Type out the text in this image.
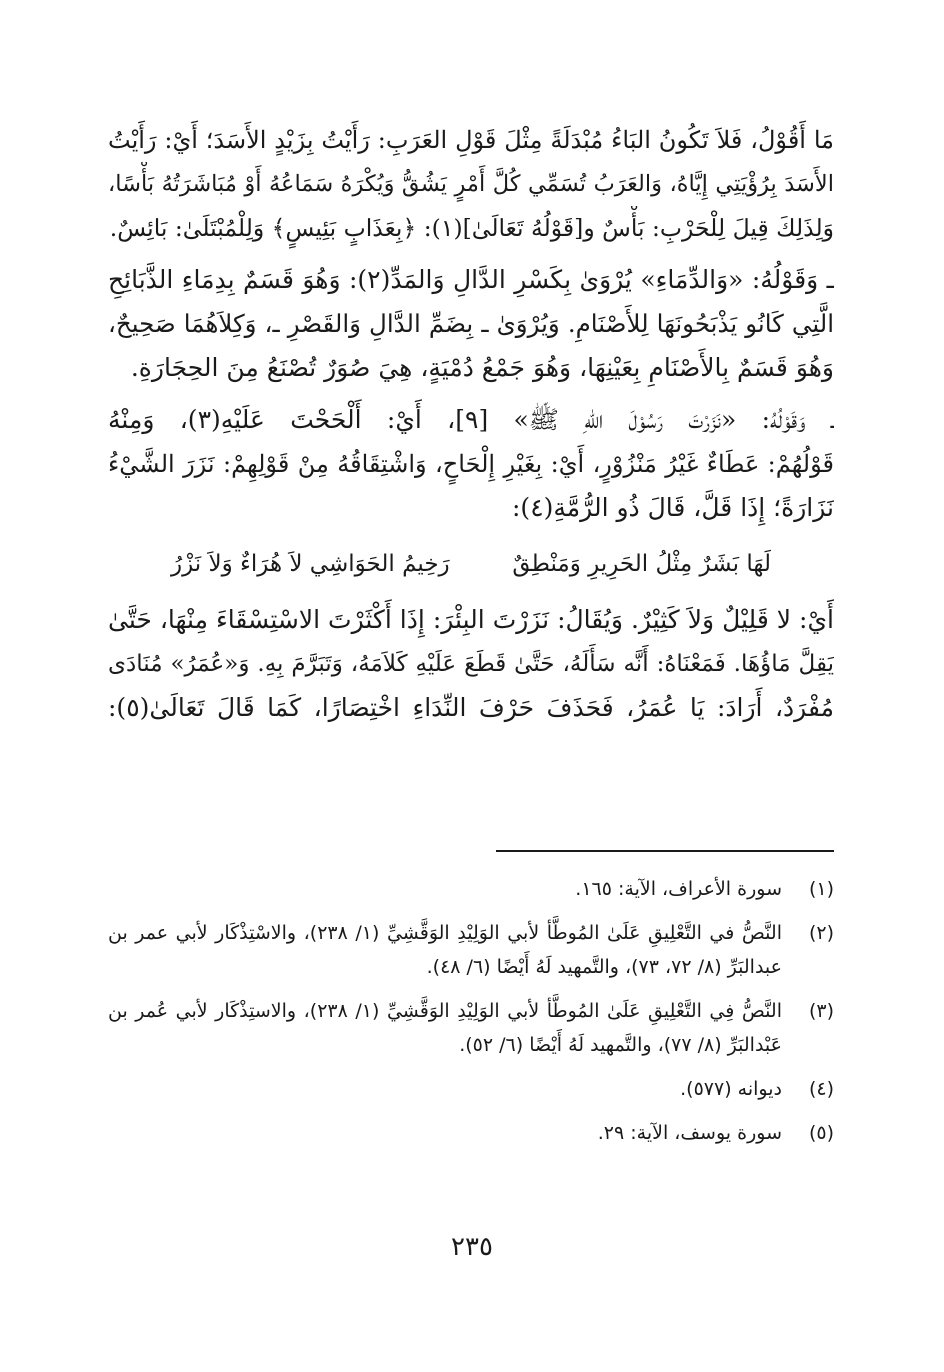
مَا أَقُوْلُ، فَلاَ تَكُونُ البَاءُ مُبْدَلَةً مِثْلَ قَوْلِ العَرَبِ: رَأَيْتُ بِزَيْدٍ الأَسَدَ؛ أَيْ: رَأَيْتُ
الأَسَدَ بِرُؤْيَتِي إِيَّاهُ، وَالعَرَبُ تُسَمِّي كُلَّ أَمْرٍ يَشُقُّ وَيُكْرَهُ سَمَاعُهُ أَوْ مُبَاشَرَتُهُ بَأْسًا،
وَلِذَلِكَ قِيلَ لِلْحَرْبِ: بَأْسٌ و[قَوْلُهُ تَعَالَىٰ](١): ﴿بِعَذَابٍ بَئِيسٍ﴾ وَلِلْمُبْتَلَىٰ: بَائِسٌ.
ـ وَقَوْلُهُ: «وَالدِّمَاءِ» يُرْوَىٰ بِكَسْرِ الدَّالِ وَالمَدِّ(٢): وَهُوَ قَسَمٌ بِدِمَاءِ الذَّبَائِحِ
الَّتِي كَانُو يَذْبَحُونَهَا لِلأَصْنَامِ. وَيُرْوَىٰ ـ بِضَمِّ الدَّالِ وَالقَصْرِ ـ، وَكِلاَهُمَا صَحِيحٌ،
وَهُوَ قَسَمٌ بِالأَصْنَامِ بِعَيْنِهَا، وَهُوَ جَمْعُ دُمْيَةٍ، هِيَ صُوَرٌ تُصْنَعُ مِنَ الحِجَارَةِ.
ـ وَقَوْلُهُ: «نَزَرْتَ رَسُوْلَ اللهِ ﷺ» [٩]، أَيْ: أَلْحَحْتَ عَلَيْهِ(٣)، وَمِنْهُ
قَوْلُهُمْ: عَطَاءٌ غَيْرُ مَنْزُوْرٍ، أَيْ: بِغَيْرِ إِلْحَاحٍ، وَاشْتِقَاقُهُ مِنْ قَوْلِهِمْ: نَزَرَ الشَّيْءُ
نَزَارَةً؛ إِذَا قَلَّ، قَالَ ذُو الرُّمَّةِ(٤):
لَهَا بَشَرٌ مِثْلُ الحَرِيرِ وَمَنْطِقٌ
رَخِيمُ الحَوَاشِي لاَ هُرَاءٌ وَلاَ نَزْرُ
أَيْ: لا قَلِيْلٌ وَلاَ كَثِيْرٌ. وَيُقَالُ: نَزَرْتَ البِئْرَ: إِذَا أَكْثَرْتَ الاسْتِسْقَاءَ مِنْهَا، حَتَّىٰ
يَقِلَّ مَاؤُهَا. فَمَعْنَاهُ: أَنَّه سَأَلَهُ، حَتَّىٰ قَطَعَ عَلَيْهِ كَلاَمَهُ، وَتَبَرَّمَ بِهِ. وَ«عُمَرُ» مُنَادَى
مُفْرَدٌ، أَرَادَ: يَا عُمَرُ، فَحَذَفَ حَرْفَ النِّدَاءِ اخْتِصَارًا، كَمَا قَالَ تَعَالَىٰ(٥):
(١)
سورة الأعراف، الآية: ١٦٥.
(٢)
النَّصُّ في التَّعْلِيقِ عَلَىٰ المُوطَّأ لأبي الوَلِيْدِ الوَقَّشِيِّ (١/ ٢٣٨)، والاسْتِذْكَار لأبي عمر بن
عبدالبَرِّ (٨/ ٧٢، ٧٣)، والتَّمهيد لَهُ أَيْضًا (٦/ ٤٨).
(٣)
النَّصُّ فِي التَّعْلِيقِ عَلَىٰ المُوطَّأ لأبي الوَلِيْدِ الوَقَّشِيِّ (١/ ٢٣٨)، والاستِذْكَار لأبي عُمر بن
عَبْدالبَرِّ (٨/ ٧٧)، والتَّمهيد لَهُ أَيْضًا (٦/ ٥٢).
(٤)
ديوانه (٥٧٧).
(٥)
سورة يوسف، الآية: ٢٩.
٢٣٥
